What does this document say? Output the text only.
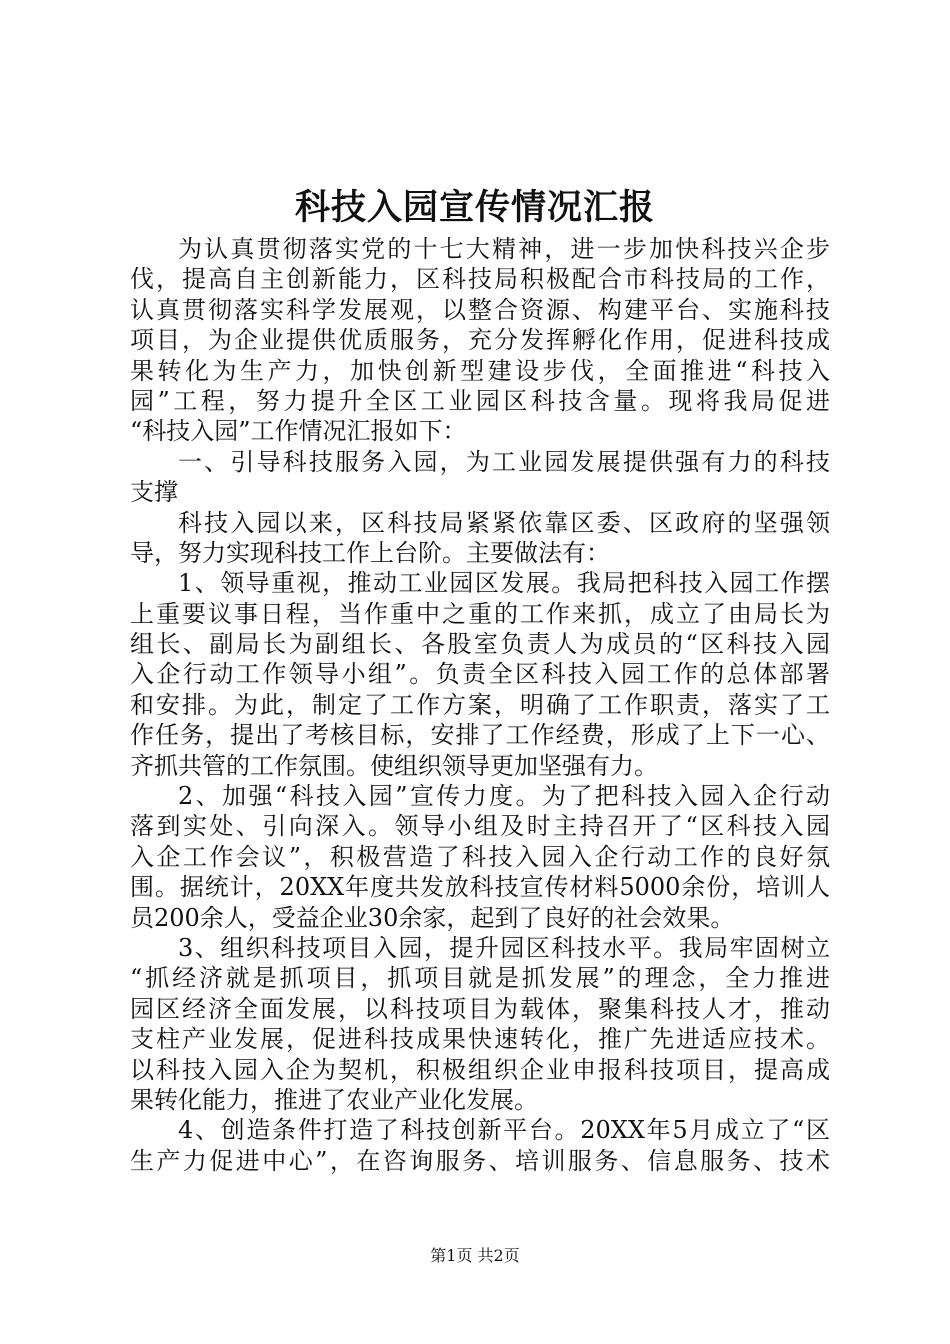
科技入园宣传情况汇报
为认真贯彻落实党的十七大精神，进一步加快科技兴企步
伐，提高自主创新能力，区科技局积极配合市科技局的工作，
认真贯彻落实科学发展观，以整合资源、构建平台、实施科技
项目，为企业提供优质服务，充分发挥孵化作用，促进科技成
果转化为生产力，加快创新型建设步伐，全面推进“科技入
园”工程，努力提升全区工业园区科技含量。现将我局促进
“科技入园”工作情况汇报如下：
一、引导科技服务入园，为工业园发展提供强有力的科技
支撑
科技入园以来，区科技局紧紧依靠区委、区政府的坚强领
导，努力实现科技工作上台阶。主要做法有：
1、领导重视，推动工业园区发展。我局把科技入园工作摆
上重要议事日程，当作重中之重的工作来抓，成立了由局长为
组长、副局长为副组长、各股室负责人为成员的“区科技入园
入企行动工作领导小组”。负责全区科技入园工作的总体部署
和安排。为此，制定了工作方案，明确了工作职责，落实了工
作任务，提出了考核目标，安排了工作经费，形成了上下一心、
齐抓共管的工作氛围。使组织领导更加坚强有力。
2、加强“科技入园”宣传力度。为了把科技入园入企行动
落到实处、引向深入。领导小组及时主持召开了“区科技入园
入企工作会议”，积极营造了科技入园入企行动工作的良好氛
围。据统计，20XX年度共发放科技宣传材料5000余份，培训人
员200余人，受益企业30余家，起到了良好的社会效果。
3、组织科技项目入园，提升园区科技水平。我局牢固树立
“抓经济就是抓项目，抓项目就是抓发展”的理念，全力推进
园区经济全面发展，以科技项目为载体，聚集科技人才，推动
支柱产业发展，促进科技成果快速转化，推广先进适应技术。
以科技入园入企为契机，积极组织企业申报科技项目，提高成
果转化能力，推进了农业产业化发展。
4、创造条件打造了科技创新平台。20XX年5月成立了“区
生产力促进中心”，在咨询服务、培训服务、信息服务、技术
第1页 共2页
